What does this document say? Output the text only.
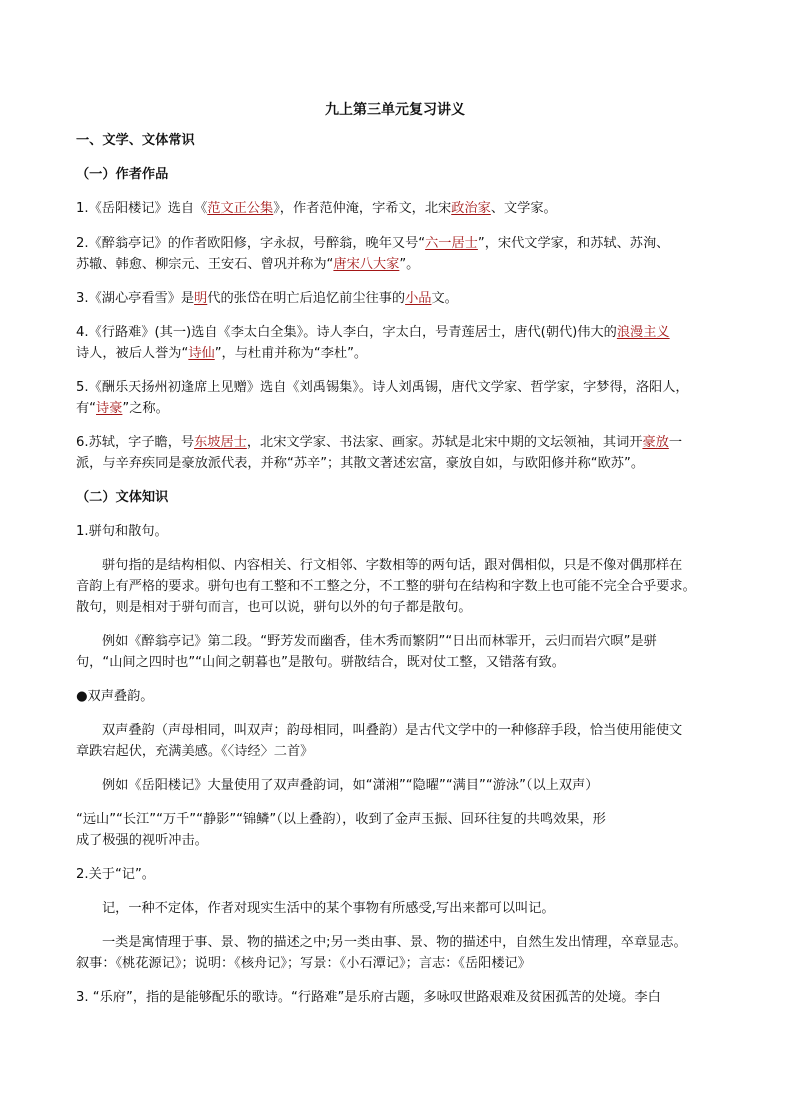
九上第三单元复习讲义
一、文学、文体常识
（一）作者作品
1.《岳阳楼记》选自《范文正公集》，作者范仲淹，字希文，北宋政治家、文学家。
2.《醉翁亭记》的作者欧阳修，字永叔，号醉翁，晚年又号“六一居士”，宋代文学家，和苏轼、苏洵、
苏辙、韩愈、柳宗元、王安石、曾巩并称为“唐宋八大家”。
3.《湖心亭看雪》是明代的张岱在明亡后追忆前尘往事的小品文。
4.《行路难》(其一)选自《李太白全集》。诗人李白，字太白，号青莲居士，唐代(朝代)伟大的浪漫主义
诗人，被后人誉为“诗仙”，与杜甫并称为“李杜”。
5.《酬乐天扬州初逢席上见赠》选自《刘禹锡集》。诗人刘禹锡，唐代文学家、哲学家，字梦得，洛阳人，
有“诗豪”之称。
6.苏轼，字子瞻，号东坡居士，北宋文学家、书法家、画家。苏轼是北宋中期的文坛领袖，其词开豪放一
派，与辛弃疾同是豪放派代表，并称“苏辛”；其散文著述宏富，豪放自如，与欧阳修并称“欧苏”。
（二）文体知识
1.骈句和散句。
骈句指的是结构相似、内容相关、行文相邻、字数相等的两句话，跟对偶相似，只是不像对偶那样在
音韵上有严格的要求。骈句也有工整和不工整之分，不工整的骈句在结构和字数上也可能不完全合乎要求。
散句，则是相对于骈句而言，也可以说，骈句以外的句子都是散句。
例如《醉翁亭记》第二段。“野芳发而幽香，佳木秀而繁阴”“日出而林霏开，云归而岩穴暝”是骈
句，“山间之四时也”“山间之朝暮也”是散句。骈散结合，既对仗工整，又错落有致。
●双声叠韵。
双声叠韵（声母相同，叫双声；韵母相同，叫叠韵）是古代文学中的一种修辞手段，恰当使用能使文
章跌宕起伏，充满美感。《〈诗经〉二首》
例如《岳阳楼记》大量使用了双声叠韵词，如“潇湘”“隐曜”“满目”“游泳”（以上双声）
“远山”“长江”“万千”“静影”“锦鳞”（以上叠韵），收到了金声玉振、回环往复的共鸣效果，形
成了极强的视听冲击。
2.关于“记”。
记，一种不定体，作者对现实生活中的某个事物有所感受,写出来都可以叫记。
一类是寓情理于事、景、物的描述之中;另一类由事、景、物的描述中，自然生发出情理，卒章显志。
叙事：《桃花源记》；说明：《核舟记》；写景：《小石潭记》；言志：《岳阳楼记》
3. “乐府”，指的是能够配乐的歌诗。“行路难”是乐府古题，多咏叹世路艰难及贫困孤苦的处境。李白
